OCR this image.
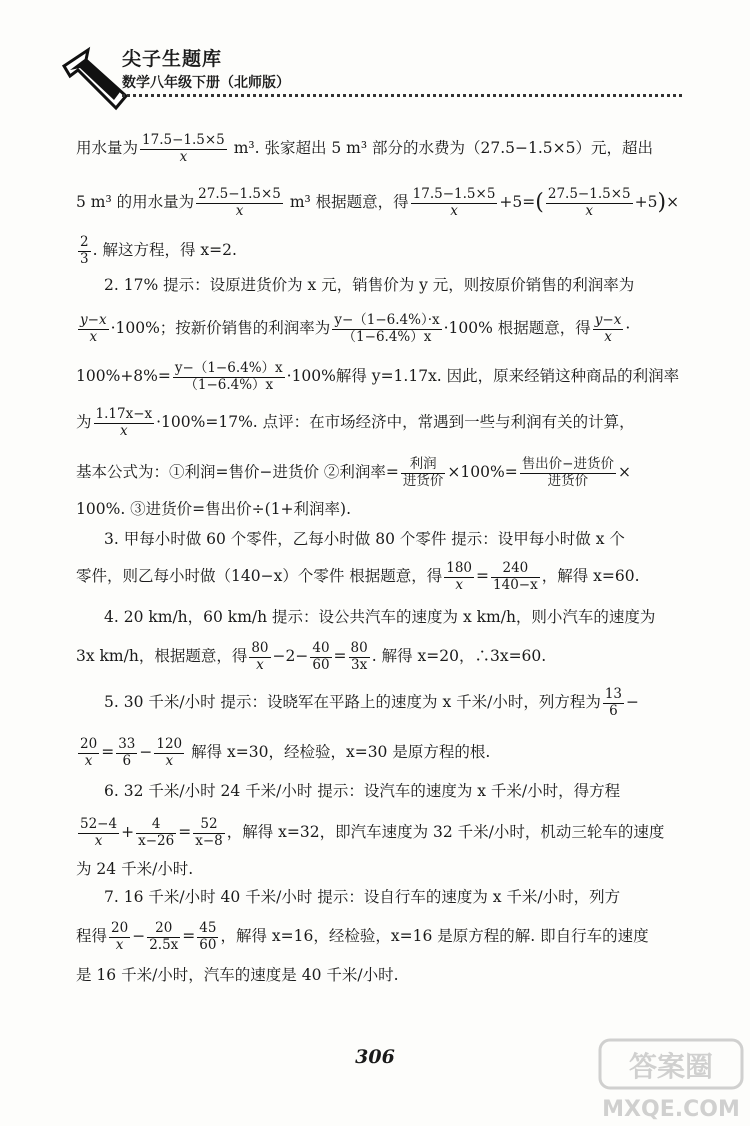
尖子生题库
数学八年级下册（北师版）
用水量为 $\frac{17.5-1.5\times 5}{x} m^3$. 张家超出 5 m³ 部分的水费为（27.5−1.5×5）元，超出
5 m³ 的用水量为 $\frac{27.5-1.5\times 5}{x} m^3$ 根据题意，得 $\frac{17.5-1.5\times 5}{x} +5=( \frac{27.5-1.5\times 5}{x} +5)\times$
$\frac{2}{3}$ . 解这方程，得 x=2.
2. 17% 提示：设原进货价为 x 元，销售价为 y 元，则按原价销售的利润率为
$\frac{y-x}{x} \cdot 100\%$；按新价销售的利润率为 $\frac{y-(1-6.4\%)\cdot x}{(1-6.4\%)x} \cdot 100\%$ 根据题意，得 $\frac{y-x}{x}$ ·
$100\%+8\%= \frac{y-(1-6.4\%)x}{(1-6.4\%)x} \cdot 100\%$解得 y=1.17x. 因此，原来经销这种商品的利润率
为 $\frac{1.17x-x}{x} \cdot 100\%=17\%$. 点评：在市场经济中，常遇到一些与利润有关的计算，
基本公式为：①利润=售价−进货价 ②利润率= $\frac{\text{利润}}{\text{进货价}} \times 100\%= \frac{\text{售出价−进货价}}{\text{进货价}}$ ×
100%. ③进货价=售出价÷(1+利润率).
3. 甲每小时做 60 个零件，乙每小时做 80 个零件 提示：设甲每小时做 x 个
零件，则乙每小时做（140−x）个零件 根据题意，得 $\frac{180}{x} = \frac{240}{140-x}$ ，解得 x=60.
4. 20 km/h，60 km/h 提示：设公共汽车的速度为 x km/h，则小汽车的速度为
3x km/h，根据题意，得 $\frac{80}{x} -2- \frac{40}{60} = \frac{80}{3x}$ . 解得 x=20，∴3x=60.
5. 30 千米/小时 提示：设晓军在平路上的速度为 x 千米/小时，列方程为 $\frac{13}{6}$ −
$\frac{20}{x} = \frac{33}{6} - \frac{120}{x}$ 解得 x=30，经检验，x=30 是原方程的根.
6. 32 千米/小时 24 千米/小时 提示：设汽车的速度为 x 千米/小时，得方程
$\frac{52-4}{x} + \frac{4}{x-26} = \frac{52}{x-8}$ ，解得 x=32，即汽车速度为 32 千米/小时，机动三轮车的速度
为 24 千米/小时.
7. 16 千米/小时 40 千米/小时 提示：设自行车的速度为 x 千米/小时，列方
程得 $\frac{20}{x} - \frac{20}{2.5x} = \frac{45}{60}$ ，解得 x=16，经检验，x=16 是原方程的解. 即自行车的速度
是 16 千米/小时，汽车的速度是 40 千米/小时.
306	答案圈
MXQE.COM
